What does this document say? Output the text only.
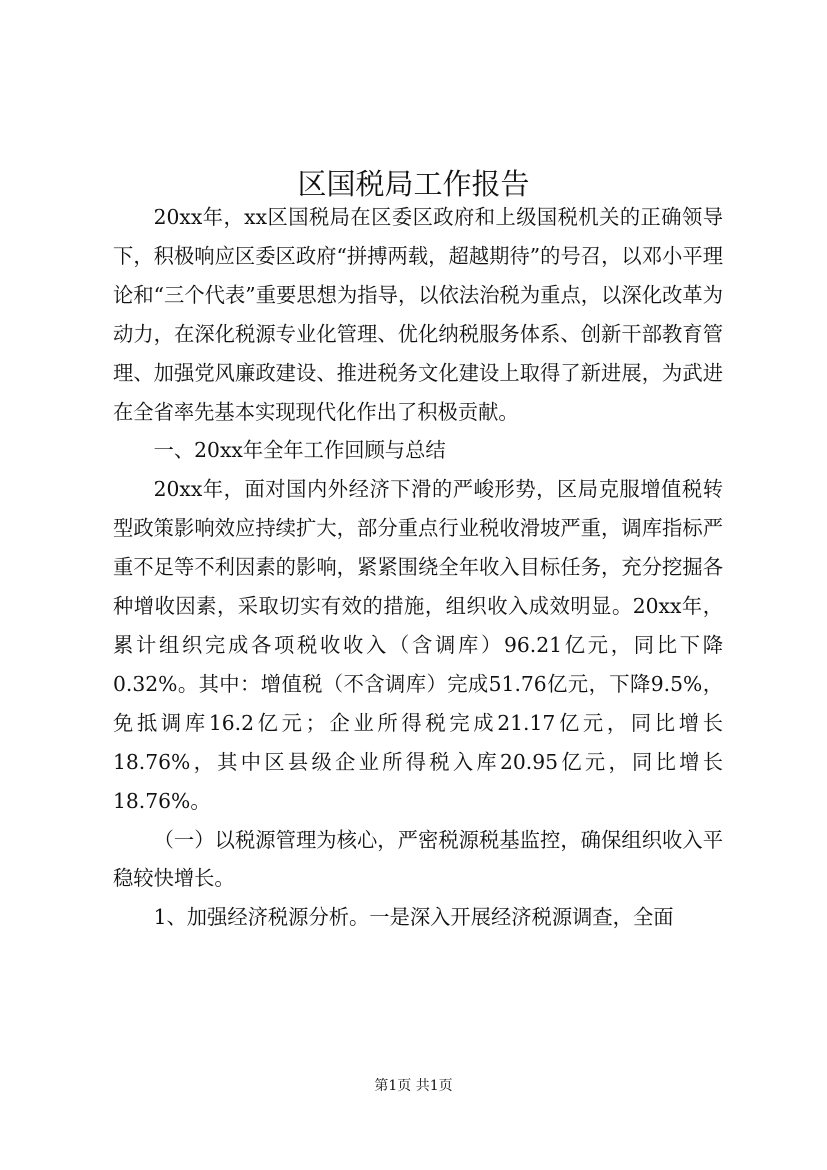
区国税局工作报告

20xx年，xx区国税局在区委区政府和上级国税机关的正确领导下，积极响应区委区政府“拼搏两载，超越期待”的号召，以邓小平理论和“三个代表”重要思想为指导，以依法治税为重点，以深化改革为动力，在深化税源专业化管理、优化纳税服务体系、创新干部教育管理、加强党风廉政建设、推进税务文化建设上取得了新进展，为武进在全省率先基本实现现代化作出了积极贡献。

一、20xx年全年工作回顾与总结

20xx年，面对国内外经济下滑的严峻形势，区局克服增值税转型政策影响效应持续扩大，部分重点行业税收滑坡严重，调库指标严重不足等不利因素的影响，紧紧围绕全年收入目标任务，充分挖掘各种增收因素，采取切实有效的措施，组织收入成效明显。20xx年，累计组织完成各项税收收入（含调库）96.21亿元，同比下降0.32%。其中：增值税（不含调库）完成51.76亿元，下降9.5%，免抵调库16.2亿元；企业所得税完成21.17亿元，同比增长18.76%，其中区县级企业所得税入库20.95亿元，同比增长18.76%。

（一）以税源管理为核心，严密税源税基监控，确保组织收入平稳较快增长。

1、加强经济税源分析。一是深入开展经济税源调查，全面

第1页 共1页
